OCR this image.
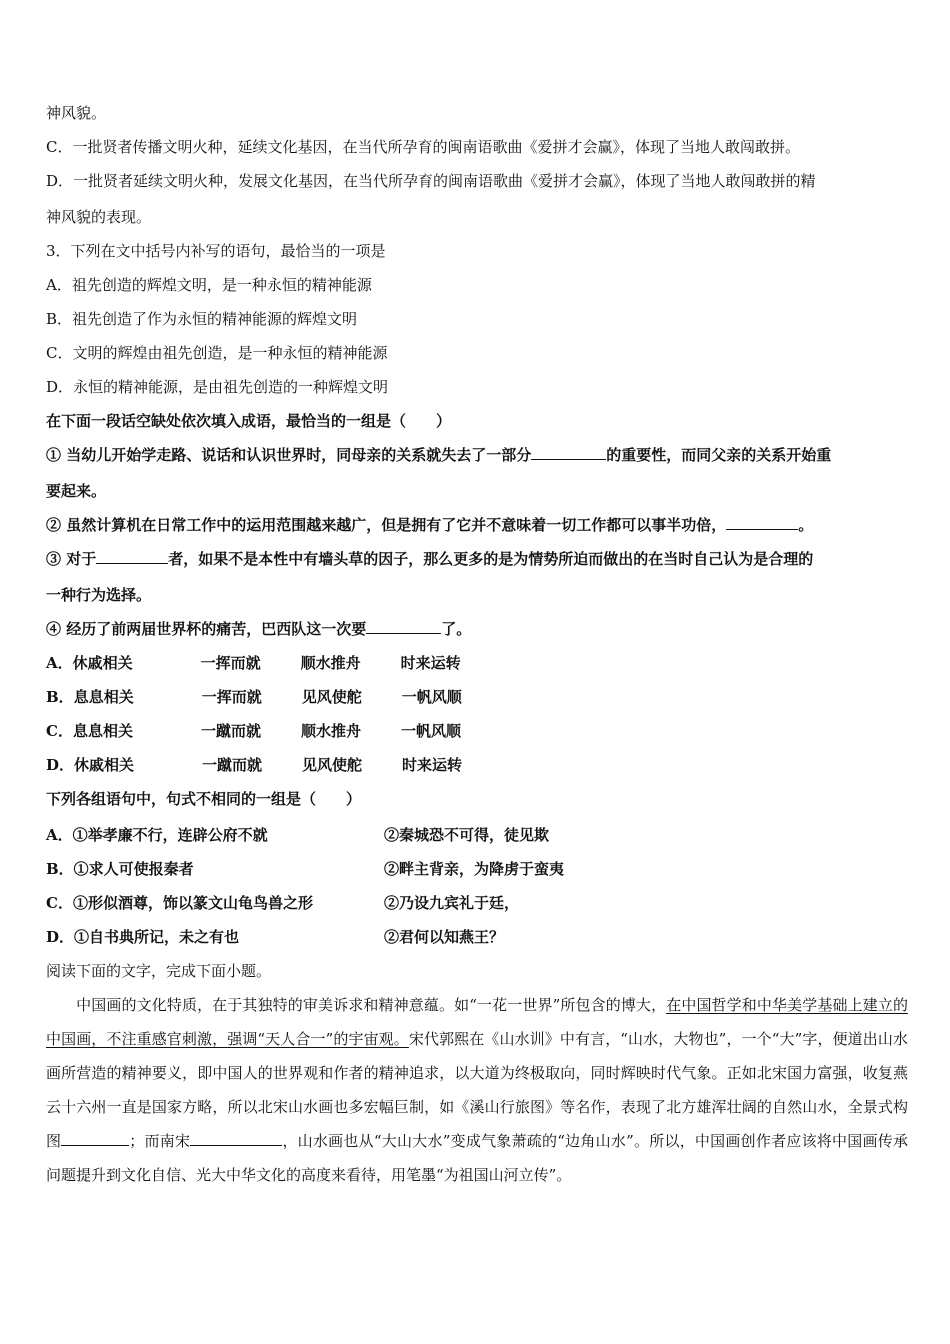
神风貌。
C．一批贤者传播文明火种，延续文化基因，在当代所孕育的闽南语歌曲《爱拼才会赢》，体现了当地人敢闯敢拼。
D．一批贤者延续文明火种，发展文化基因，在当代所孕育的闽南语歌曲《爱拼才会赢》，体现了当地人敢闯敢拼的精
神风貌的表现。
3．下列在文中括号内补写的语句，最恰当的一项是
A．祖先创造的辉煌文明，是一种永恒的精神能源
B．祖先创造了作为永恒的精神能源的辉煌文明
C．文明的辉煌由祖先创造，是一种永恒的精神能源
D．永恒的精神能源，是由祖先创造的一种辉煌文明
在下面一段话空缺处依次填入成语，最恰当的一组是（　　）
① 当幼儿开始学走路、说话和认识世界时，同母亲的关系就失去了一部分	的重要性，而同父亲的关系开始重
要起来。
② 虽然计算机在日常工作中的运用范围越来越广，但是拥有了它并不意味着一切工作都可以事半功倍，	。
③ 对于	者，如果不是本性中有墙头草的因子，那么更多的是为情势所迫而做出的在当时自己认为是合理的
一种行为选择。
④ 经历了前两届世界杯的痛苦，巴西队这一次要	了。
A．休戚相关	一挥而就	顺水推舟	时来运转
B．息息相关	一挥而就	见风使舵	一帆风顺
C．息息相关	一蹴而就	顺水推舟	一帆风顺
D．休戚相关	一蹴而就	见风使舵	时来运转
下列各组语句中，句式不相同的一组是（　　）
A．①举孝廉不行，连辟公府不就	②秦城恐不可得，徒见欺
B．①求人可使报秦者	②畔主背亲，为降虏于蛮夷
C．①形似酒尊，饰以篆文山龟鸟兽之形	②乃设九宾礼于廷，
D．①自书典所记，未之有也	②君何以知燕王？
阅读下面的文字，完成下面小题。
中国画的文化特质，在于其独特的审美诉求和精神意蕴。如“一花一世界”所包含的博大，在中国哲学和中华美学基础上建立的中国画，不注重感官刺激，强调“天人合一”的宇宙观。宋代郭熙在《山水训》中有言，“山水，大物也”，一个“大”字，便道出山水画所营造的精神要义，即中国人的世界观和作者的精神追求，以大道为终极取向，同时辉映时代气象。正如北宋国力富强，收复燕云十六州一直是国家方略，所以北宋山水画也多宏幅巨制，如《溪山行旅图》等名作，表现了北方雄浑壮阔的自然山水，全景式构图	；而南宋	，山水画也从“大山大水”变成气象萧疏的“边角山水”。所以，中国画创作者应该将中国画传承问题提升到文化自信、光大中华文化的高度来看待，用笔墨“为祖国山河立传”。
